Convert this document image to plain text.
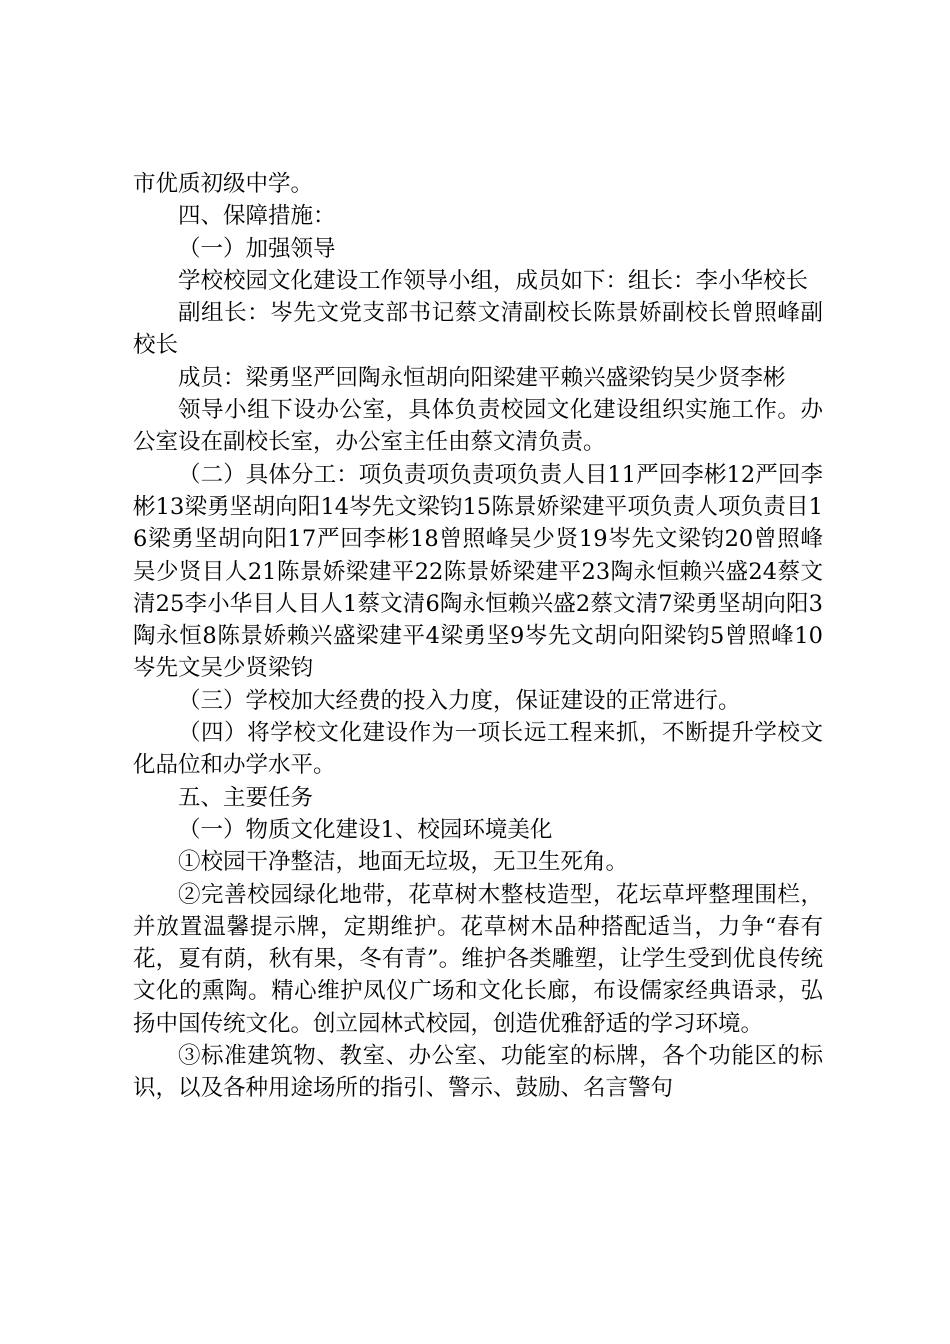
市优质初级中学。

四、保障措施：

（一）加强领导

学校校园文化建设工作领导小组，成员如下：组长：李小华校长

副组长：岑先文党支部书记蔡文清副校长陈景娇副校长曾照峰副校长

成员：梁勇坚严回陶永恒胡向阳梁建平赖兴盛梁钧吴少贤李彬

领导小组下设办公室，具体负责校园文化建设组织实施工作。办公室设在副校长室，办公室主任由蔡文清负责。

（二）具体分工：项负责项负责项负责人目11严回李彬12严回李彬13梁勇坚胡向阳14岑先文梁钧15陈景娇梁建平项负责人项负责目16梁勇坚胡向阳17严回李彬18曾照峰吴少贤19岑先文梁钧20曾照峰吴少贤目人21陈景娇梁建平22陈景娇梁建平23陶永恒赖兴盛24蔡文清25李小华目人目人1蔡文清6陶永恒赖兴盛2蔡文清7梁勇坚胡向阳3陶永恒8陈景娇赖兴盛梁建平4梁勇坚9岑先文胡向阳梁钧5曾照峰10岑先文吴少贤梁钧

（三）学校加大经费的投入力度，保证建设的正常进行。

（四）将学校文化建设作为一项长远工程来抓，不断提升学校文化品位和办学水平。

五、主要任务

（一）物质文化建设1、校园环境美化

①校园干净整洁，地面无垃圾，无卫生死角。

②完善校园绿化地带，花草树木整枝造型，花坛草坪整理围栏，并放置温馨提示牌，定期维护。花草树木品种搭配适当，力争“春有花，夏有荫，秋有果，冬有青”。维护各类雕塑，让学生受到优良传统文化的熏陶。精心维护凤仪广场和文化长廊，布设儒家经典语录，弘扬中国传统文化。创立园林式校园，创造优雅舒适的学习环境。

③标准建筑物、教室、办公室、功能室的标牌，各个功能区的标识，以及各种用途场所的指引、警示、鼓励、名言警句
